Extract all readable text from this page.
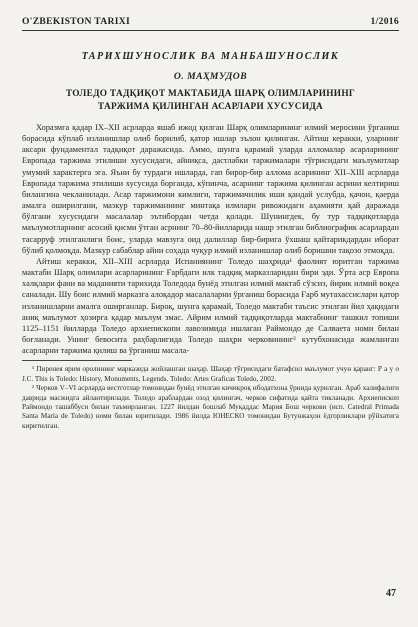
O'ZBEKISTON TARIXI	1/2016
ТАРИХШУНОСЛИК ВА МАНБАШУНОСЛИК
О. МАҲМУДОВ
ТОЛЕДО ТАДҚИҚОТ МАКТАБИДА ШАРҚ ОЛИМЛАРИНИНГ
ТАРЖИМА ҚИЛИНГАН АСАРЛАРИ ХУСУСИДА

Хоразмга қадар IX–XII асрларда яшаб ижод қилган Шарқ олимларининг илмий меросини ўрганиш борасида кўплаб изланишлар олиб борилиб, қатор ишлар эълон қилинган. Айтиш керакки, уларнинг аксари фундаментал тадқиқот даражасида. Аммо, шунга қарамай уларда алломалар асарларининг Европада таржима этилиши хусусидаги, айниқса, дастлабки таржималари тўғрисидаги маълумотлар умумий характерга эга. Яъни бу турдаги ишларда, гап бирор-бир аллома асарининг XII–XIII асрларда Европада таржима этилиши хусусида борганда, кўпинча, асарнинг таржима қилинган асрини келтириш билангина чекланилади. Асар таржимони кимлиги, таржимачилик иши қандай услубда, қачон, қаерда амалга оширилгани, мазкур таржиманнинг минтақа илмларн ривожидаги аҳамияти қай даражада бўлгани хусусидаги масалалар эътибордан четда қолади. Шунингдек, бу тур тадқиқотларда маълумотларнинг асосий қисми ўтган асрнинг 70–80-йилларида нашр этилган библиографик асарлардан тасарруф этилганлиги боис, уларда мавзуга оид далиллар бир-бирига ўхшаш қайтарикдардан иборат бўлиб қолмоқда. Мазкур сабаблар айни соҳада чуқур илмий изланишлар олиб боришни тақозо этмоқда.

Айтиш керакки, XII–XIII асрларда Испаниянинг Толедо шаҳрида¹ фаолият юритган таржима мактаби Шарқ олимлари асарларининг Ғарбдаги илк тадқиқ марказларидан бири эди. Ўрта аср Европа халқлари фани ва маданияти тарихида Толедода бунёд этилган илмий мактаб сўзсиз, йирик илмий воқеа саналади. Шу боис илмий марказга алоқадор масалаларни ўрганиш борасида Ғарб мутахассислари қатор изланишларни амалга оширганлар. Бироқ, шунга қарамай, Толедо мактаби таъсис этилган йил ҳақидаги аниқ маълумот ҳозирга қадар маълум эмас. Айрим илмий тадқиқотларда мактабнинг ташкил топиши 1125–1151 йилларда Толедо архиепископи лавозимида ишлаган Раймондо де Салваета номи билан боғланади. Унинг бевосита раҳбарлигида Толедо шаҳри черковининг² кутубхонасида жамланган асарларни таржима қилиш ва ўрганиш масала-

¹ Пиренея ярим оролининг марказида жойлашган шаҳар. Шаҳар тўғрисидаги батафсил маълумот учун қаранг: Р а у о J.C. This is Toledo: History, Monuments, Legends. Toledo: Artes Graficas Toledo, 2002.

² Черков V–VI асрларда вестготлар томонидан бунёд этилган кичикроқ ибодатхона ўрнида қурилган. Араб халифалиги даврида масжидга айлантирилади. Толедо араблардан озод қилингач, черков сифатида қайта тикланади. Архиепископ Раймондо ташаббуси билан таъмирланган. 1227 йилдан бошлаб Муқаддас Мария Бош черкови (исп. Catedral Primada Santa María de Toledo) номи билан юритилади. 1986 йилда ЮНЕСКО томонидан Бутунжаҳон ёдгорликлари рўйхатига киритилган.

47
